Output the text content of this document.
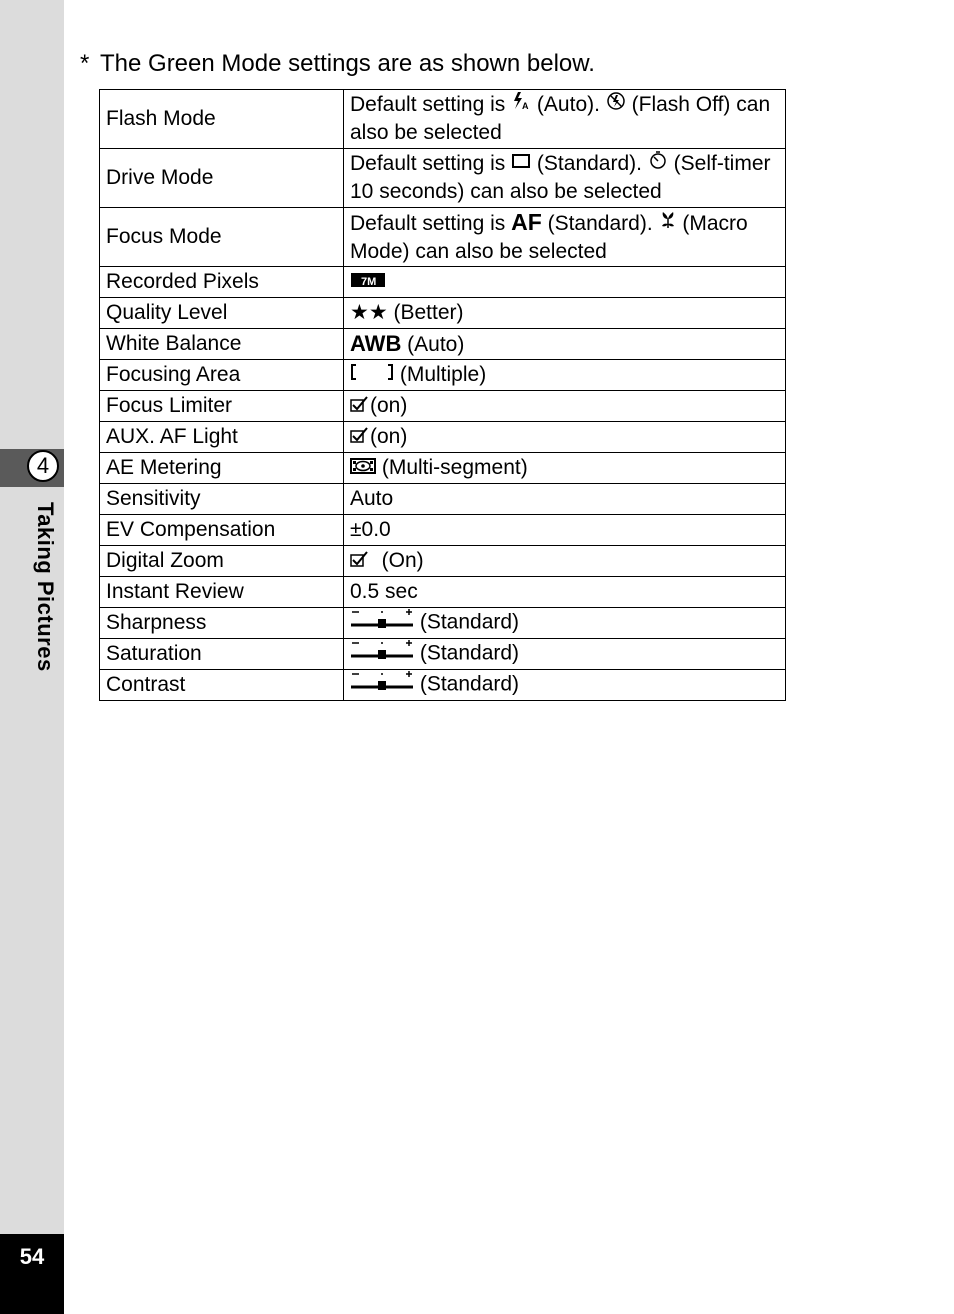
4
Taking Pictures
54
* The Green Mode settings are as shown below.
Flash Mode	Default setting is A (Auto).  (Flash Off) can also be selected
Drive Mode	Default setting is  (Standard).  (Self-timer 10 seconds) can also be selected
Focus Mode	Default setting is AF (Standard).  (Macro Mode) can also be selected
Recorded Pixels	7M

Quality Level	★★ (Better)
White Balance	AWB (Auto)
Focusing Area	(Multiple)
Focus Limiter	(on)
AUX. AF Light	(on)
AE Metering	(Multi-segment)
Sensitivity	Auto
EV Compensation	±0.0
Digital Zoom	(On)
Instant Review	0.5 sec
Sharpness	(Standard)
Saturation	(Standard)
Contrast	(Standard)
